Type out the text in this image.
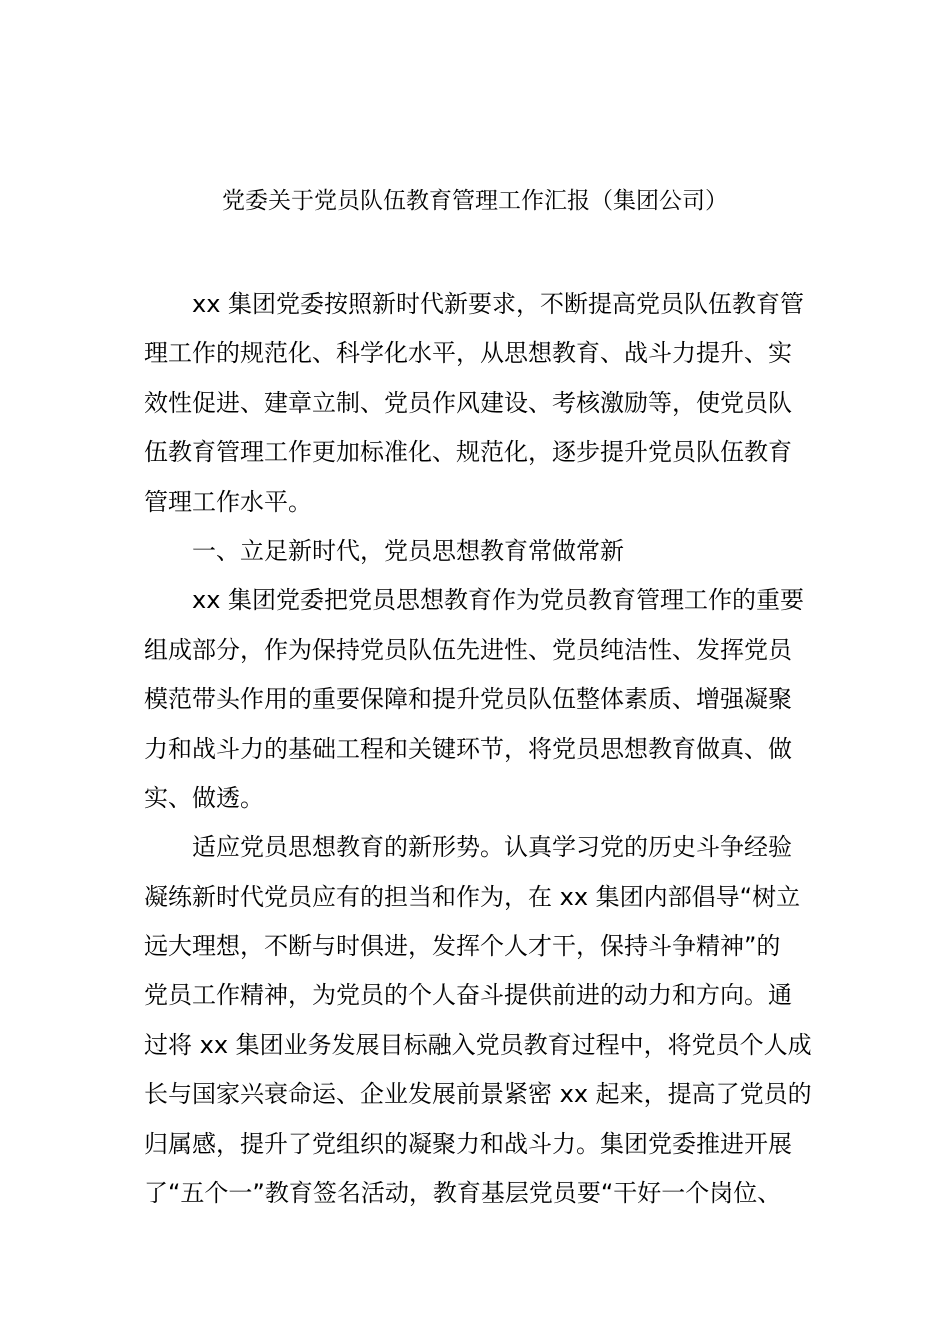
党委关于党员队伍教育管理工作汇报（集团公司）
xx 集团党委按照新时代新要求，不断提高党员队伍教育管
理工作的规范化、科学化水平，从思想教育、战斗力提升、实
效性促进、建章立制、党员作风建设、考核激励等，使党员队
伍教育管理工作更加标准化、规范化，逐步提升党员队伍教育
管理工作水平。
一、立足新时代，党员思想教育常做常新
xx 集团党委把党员思想教育作为党员教育管理工作的重要
组成部分，作为保持党员队伍先进性、党员纯洁性、发挥党员
模范带头作用的重要保障和提升党员队伍整体素质、增强凝聚
力和战斗力的基础工程和关键环节，将党员思想教育做真、做
实、做透。
适应党员思想教育的新形势。认真学习党的历史斗争经验
凝练新时代党员应有的担当和作为，在 xx 集团内部倡导“树立
远大理想，不断与时俱进，发挥个人才干，保持斗争精神”的
党员工作精神，为党员的个人奋斗提供前进的动力和方向。通
过将 xx 集团业务发展目标融入党员教育过程中，将党员个人成
长与国家兴衰命运、企业发展前景紧密 xx 起来，提高了党员的
归属感，提升了党组织的凝聚力和战斗力。集团党委推进开展
了“五个一”教育签名活动，教育基层党员要“干好一个岗位、
